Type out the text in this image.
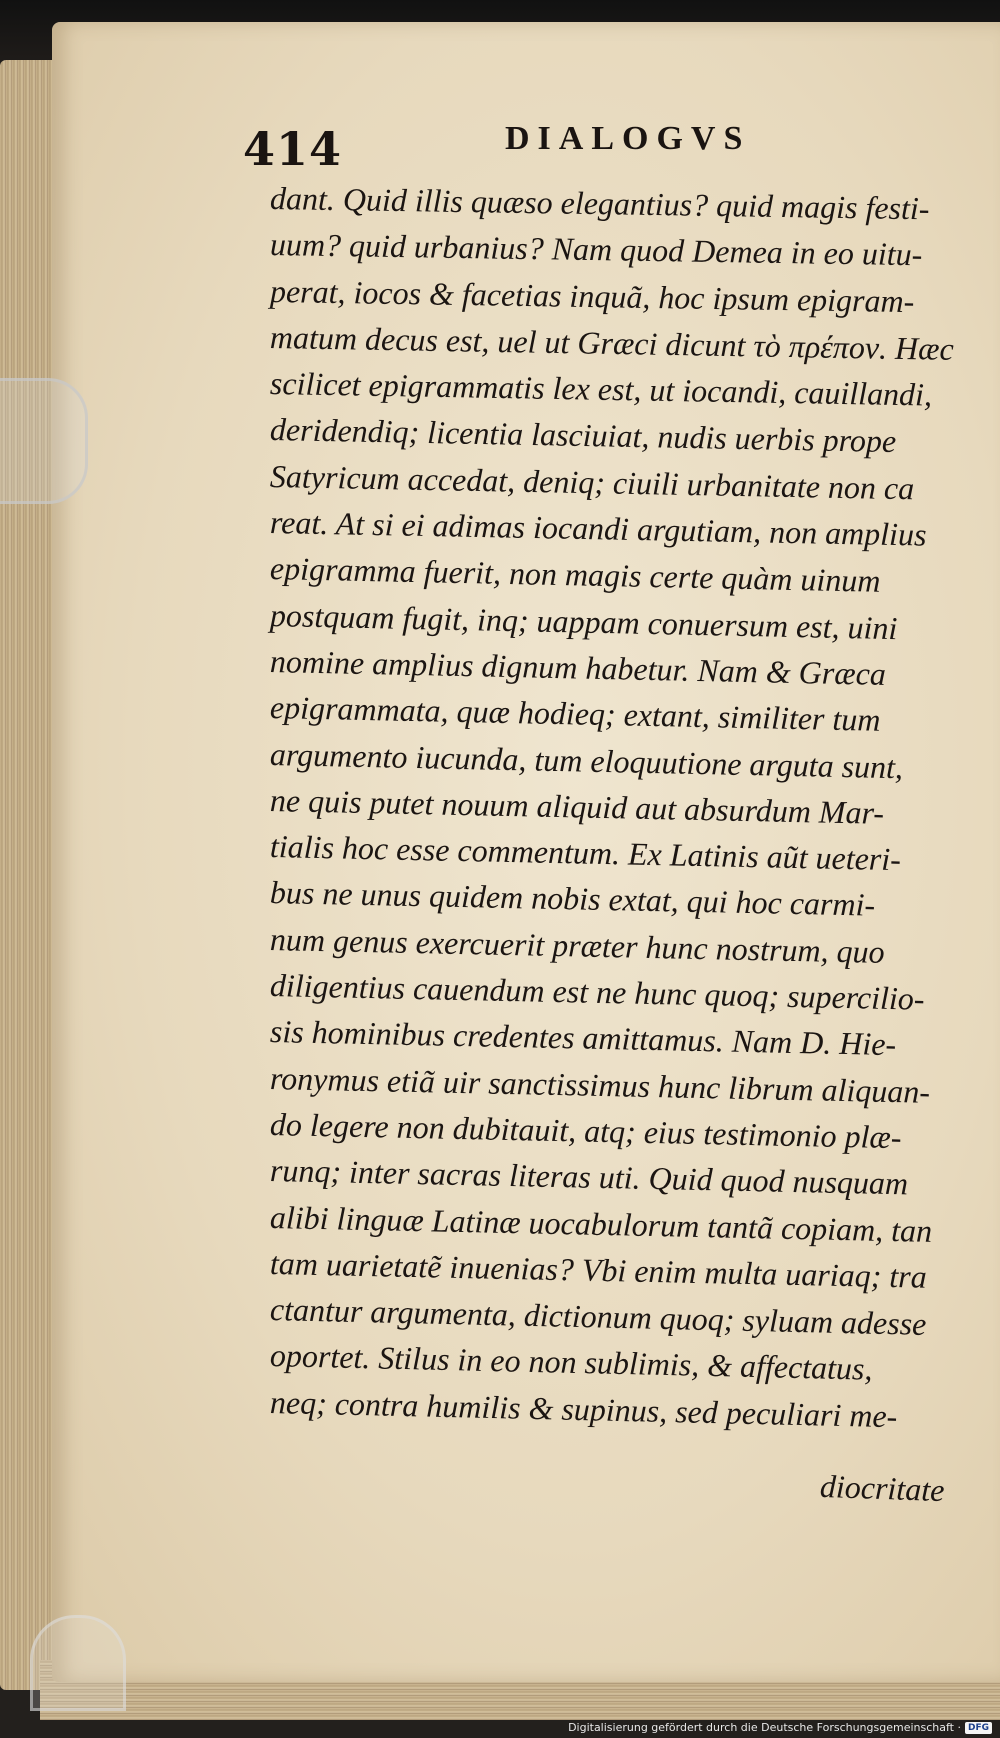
414	DIALOGVS
dant. Quid illis quæso elegantius? quid magis festi-
uum? quid urbanius? Nam quod Demea in eo uitu-
perat, iocos & facetias inquã, hoc ipsum epigram-
matum decus est, uel ut Græci dicunt τὸ πρέπον. Hæc
scilicet epigrammatis lex est, ut iocandi, cauillandi,
deridendiq; licentia lasciuiat, nudis uerbis prope
Satyricum accedat, deniq; ciuili urbanitate non ca
reat. At si ei adimas iocandi argutiam, non amplius
epigramma fuerit, non magis certe quàm uinum
postquam fugit, inq; uappam conuersum est, uini
nomine amplius dignum habetur. Nam & Græca
epigrammata, quæ hodieq; extant, similiter tum
argumento iucunda, tum eloquutione arguta sunt,
ne quis putet nouum aliquid aut absurdum Mar-
tialis hoc esse commentum. Ex Latinis aũt ueteri-
bus ne unus quidem nobis extat, qui hoc carmi-
num genus exercuerit præter hunc nostrum, quo
diligentius cauendum est ne hunc quoq; supercilio-
sis hominibus credentes amittamus. Nam D. Hie-
ronymus etiã uir sanctissimus hunc librum aliquan-
do legere non dubitauit, atq; eius testimonio plæ-
runq; inter sacras literas uti. Quid quod nusquam
alibi linguæ Latinæ uocabulorum tantã copiam, tan
tam uarietatẽ inuenias? Vbi enim multa uariaq; tra
ctantur argumenta, dictionum quoq; syluam adesse
oportet. Stilus in eo non sublimis, & affectatus,
neq; contra humilis & supinus, sed peculiari me-
diocritate
Digitalisierung gefördert durch die Deutsche Forschungsgemeinschaft · DFG
